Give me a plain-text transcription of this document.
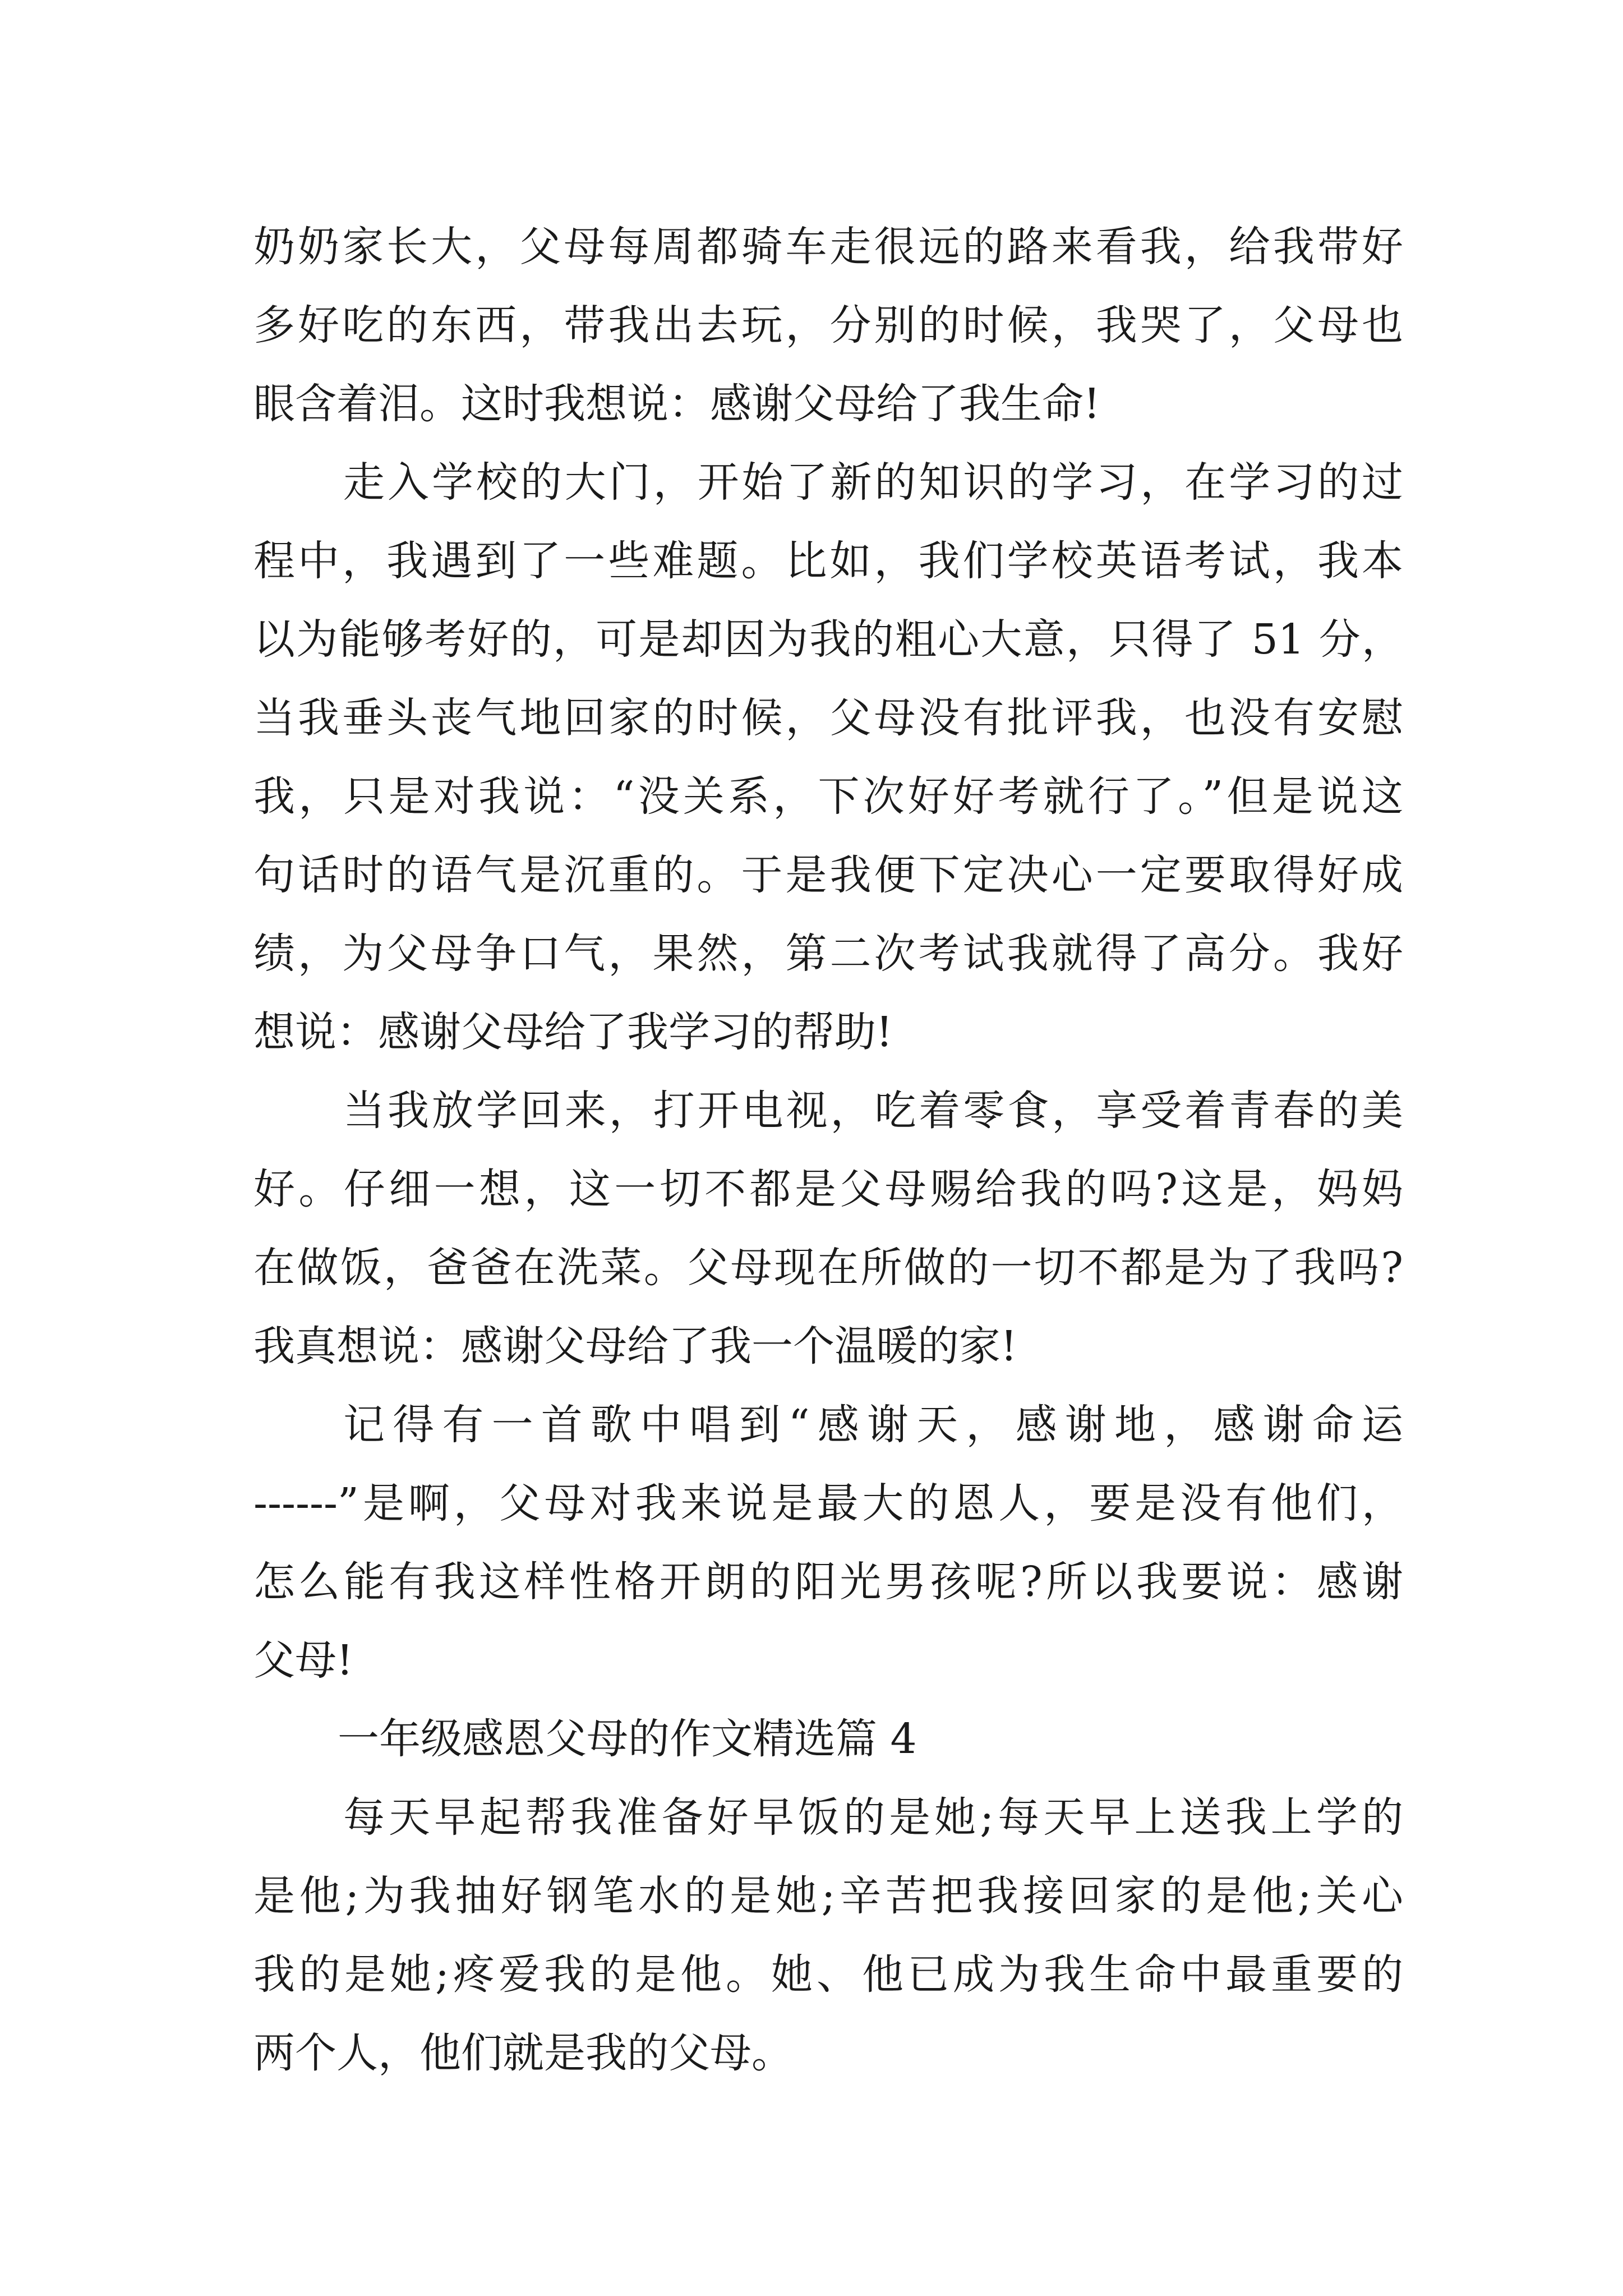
奶奶家长大，父母每周都骑车走很远的路来看我，给我带好
多好吃的东西，带我出去玩，分别的时候，我哭了，父母也
眼含着泪。这时我想说：感谢父母给了我生命!
走入学校的大门，开始了新的知识的学习，在学习的过
程中，我遇到了一些难题。比如，我们学校英语考试，我本
以为能够考好的，可是却因为我的粗心大意，只得了 51 分，
当我垂头丧气地回家的时候，父母没有批评我，也没有安慰
我，只是对我说：“没关系，下次好好考就行了。”但是说这
句话时的语气是沉重的。于是我便下定决心一定要取得好成
绩，为父母争口气，果然，第二次考试我就得了高分。我好
想说：感谢父母给了我学习的帮助!
当我放学回来，打开电视，吃着零食，享受着青春的美
好。仔细一想，这一切不都是父母赐给我的吗?这是，妈妈
在做饭，爸爸在洗菜。父母现在所做的一切不都是为了我吗?
我真想说：感谢父母给了我一个温暖的家!
记得有一首歌中唱到“感谢天，感谢地，感谢命运
------”是啊，父母对我来说是最大的恩人，要是没有他们，
怎么能有我这样性格开朗的阳光男孩呢?所以我要说：感谢
父母!
一年级感恩父母的作文精选篇 4
每天早起帮我准备好早饭的是她;每天早上送我上学的
是他;为我抽好钢笔水的是她;辛苦把我接回家的是他;关心
我的是她;疼爱我的是他。她、他已成为我生命中最重要的
两个人，他们就是我的父母。
